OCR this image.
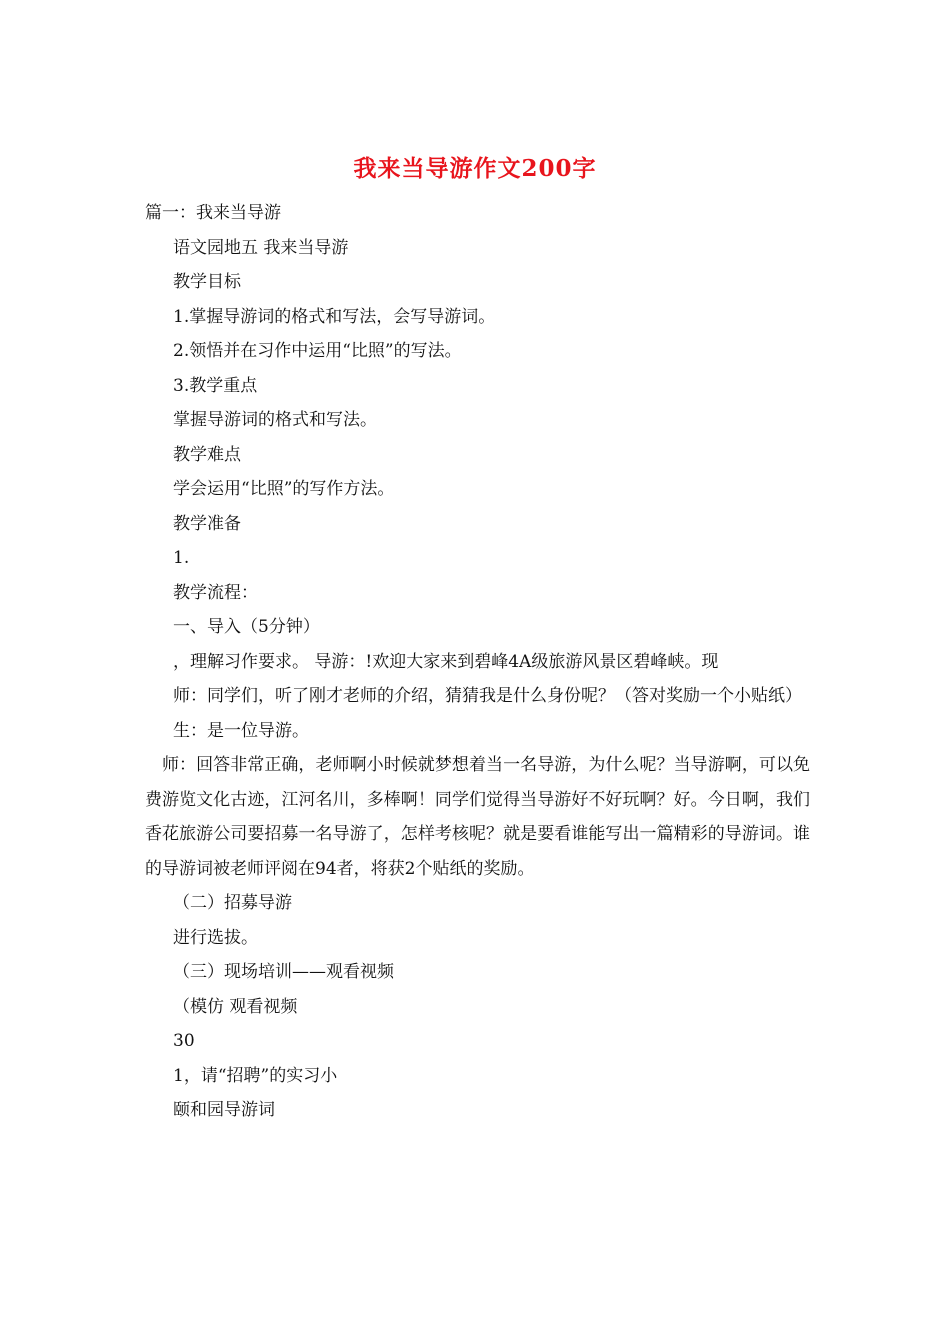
我来当导游作文200字
篇一：我来当导游
语文园地五 我来当导游
教学目标
1.掌握导游词的格式和写法，会写导游词。
2.领悟并在习作中运用“比照”的写法。
3.教学重点
掌握导游词的格式和写法。
教学难点
学会运用“比照”的写作方法。
教学准备
1.
教学流程：
一、导入（5分钟）
，理解习作要求。 导游：!欢迎大家来到碧峰4A级旅游风景区碧峰峡。现
师：同学们，听了刚才老师的介绍，猜猜我是什么身份呢？（答对奖励一个小贴纸）
生：是一位导游。
师：回答非常正确，老师啊小时候就梦想着当一名导游，为什么呢？当导游啊，可以免费游览文化古迹，江河名川，多棒啊！同学们觉得当导游好不好玩啊？好。今日啊，我们香花旅游公司要招募一名导游了，怎样考核呢？就是要看谁能写出一篇精彩的导游词。谁的导游词被老师评阅在94者，将获2个贴纸的奖励。
（二）招募导游
进行选拔。
（三）现场培训——观看视频
（模仿 观看视频
30
1，请“招聘”的实习小
颐和园导游词
